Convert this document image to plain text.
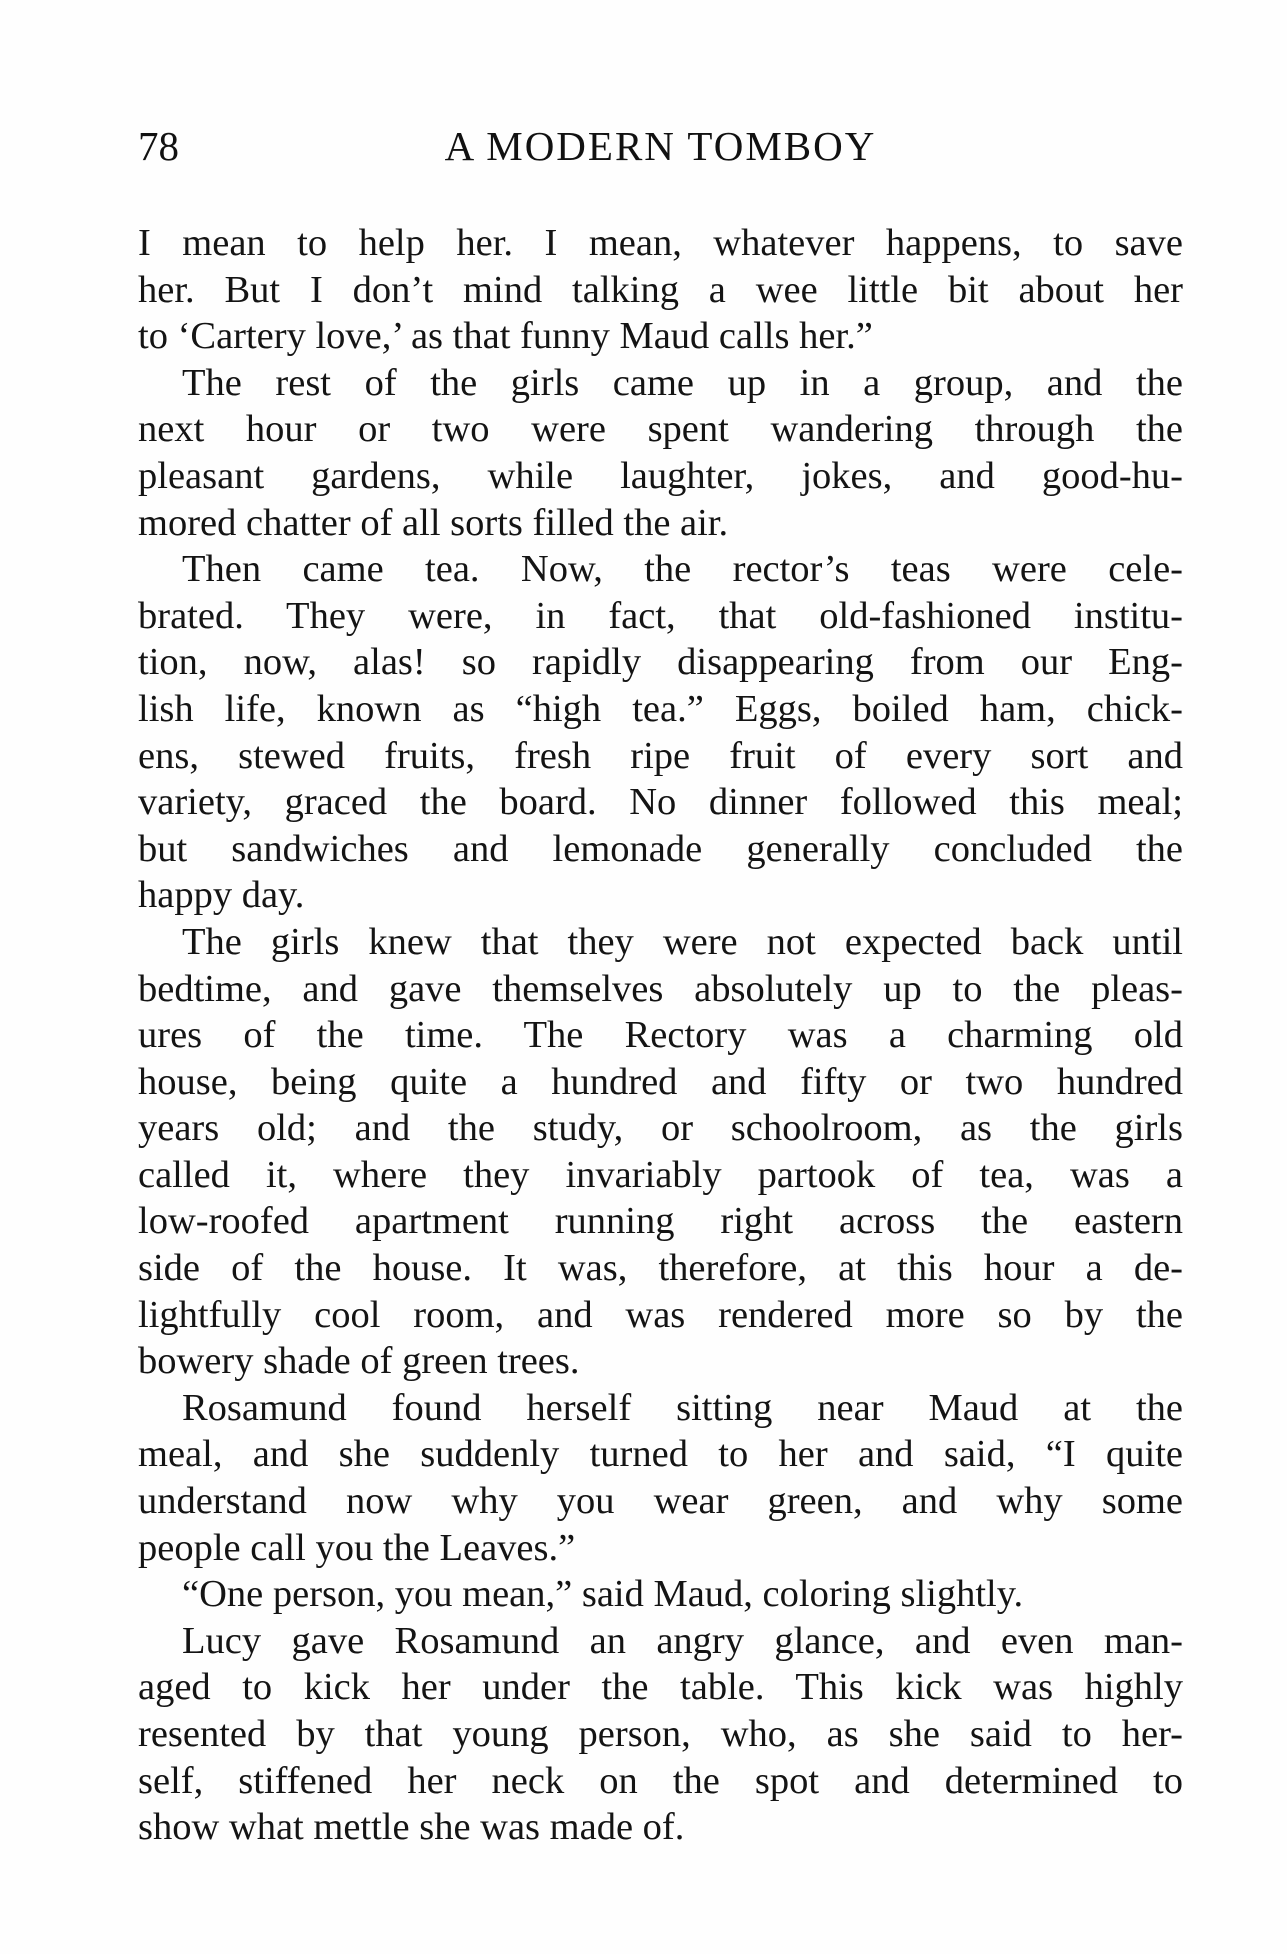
78	A MODERN TOMBOY

I mean to help her. I mean, whatever happens, to save
her. But I don’t mind talking a wee little bit about her
to ‘Cartery love,’ as that funny Maud calls her.”

The rest of the girls came up in a group, and the
next hour or two were spent wandering through the
pleasant gardens, while laughter, jokes, and good-hu-
mored chatter of all sorts filled the air.

Then came tea. Now, the rector’s teas were cele-
brated. They were, in fact, that old-fashioned institu-
tion, now, alas! so rapidly disappearing from our Eng-
lish life, known as “high tea.” Eggs, boiled ham, chick-
ens, stewed fruits, fresh ripe fruit of every sort and
variety, graced the board. No dinner followed this meal;
but sandwiches and lemonade generally concluded the
happy day.

The girls knew that they were not expected back until
bedtime, and gave themselves absolutely up to the pleas-
ures of the time. The Rectory was a charming old
house, being quite a hundred and fifty or two hundred
years old; and the study, or schoolroom, as the girls
called it, where they invariably partook of tea, was a
low-roofed apartment running right across the eastern
side of the house. It was, therefore, at this hour a de-
lightfully cool room, and was rendered more so by the
bowery shade of green trees.

Rosamund found herself sitting near Maud at the
meal, and she suddenly turned to her and said, “I quite
understand now why you wear green, and why some
people call you the Leaves.”

“One person, you mean,” said Maud, coloring slightly.

Lucy gave Rosamund an angry glance, and even man-
aged to kick her under the table. This kick was highly
resented by that young person, who, as she said to her-
self, stiffened her neck on the spot and determined to
show what mettle she was made of.
